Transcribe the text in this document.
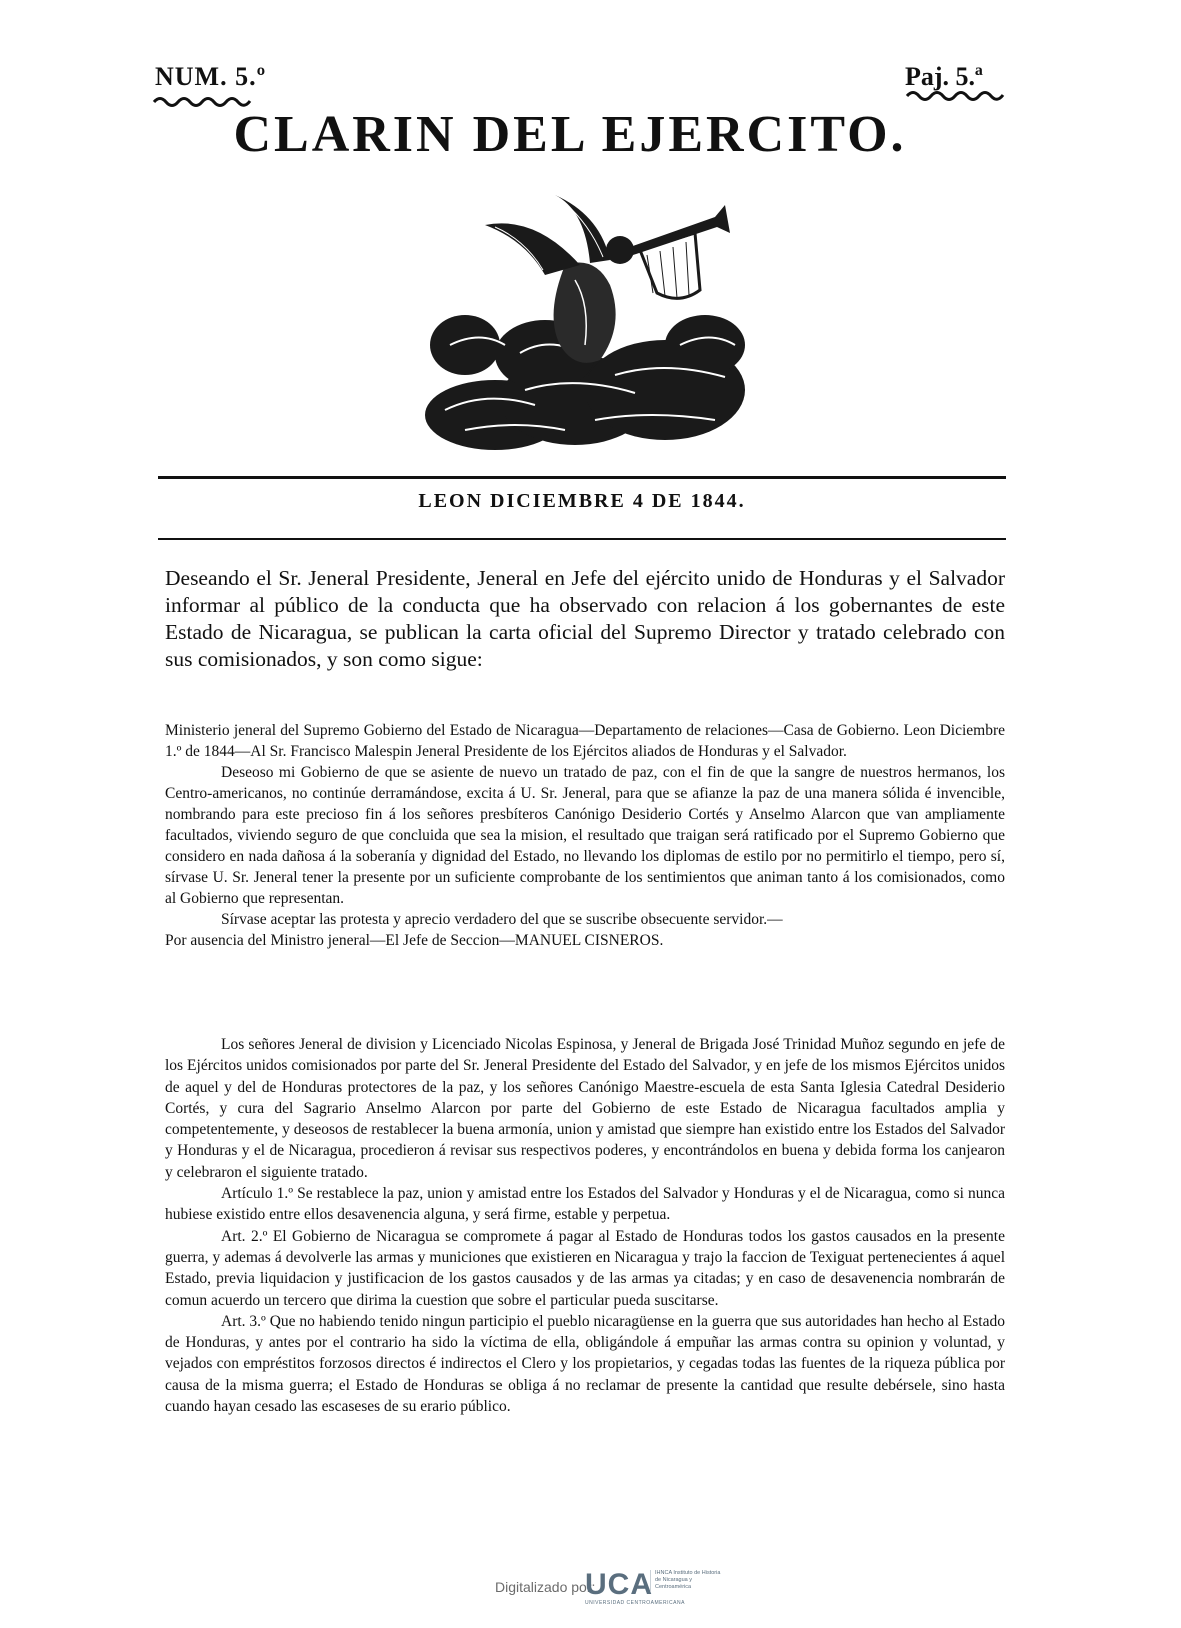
NUM. 5.º	Paj. 5.ª
CLARIN DEL EJERCITO.
LEON DICIEMBRE 4 DE 1844.
Deseando el Sr. Jeneral Presidente, Jeneral en Jefe del ejército unido de Honduras y el Salvador informar al público de la conducta que ha observado con relacion á los gobernantes de este Estado de Nicaragua, se publican la carta oficial del Supremo Director y tratado celebrado con sus comisionados, y son como sigue:

Ministerio jeneral del Supremo Gobierno del Estado de Nicaragua—Departamento de relaciones—Casa de Gobierno. Leon Diciembre 1.º de 1844—Al Sr. Francisco Malespin Jeneral Presidente de los Ejércitos aliados de Honduras y el Salvador.

Deseoso mi Gobierno de que se asiente de nuevo un tratado de paz, con el fin de que la sangre de nuestros hermanos, los Centro-americanos, no continúe derramándose, excita á U. Sr. Jeneral, para que se afianze la paz de una manera sólida é invencible, nombrando para este precioso fin á los señores presbíteros Canónigo Desiderio Cortés y Anselmo Alarcon que van ampliamente facultados, viviendo seguro de que concluida que sea la mision, el resultado que traigan será ratificado por el Supremo Gobierno que considero en nada dañosa á la soberanía y dignidad del Estado, no llevando los diplomas de estilo por no permitirlo el tiempo, pero sí, sírvase U. Sr. Jeneral tener la presente por un suficiente comprobante de los sentimientos que animan tanto á los comisionados, como al Gobierno que representan.

Sírvase aceptar las protesta y aprecio verdadero del que se suscribe obsecuente servidor.—

Por ausencia del Ministro jeneral—El Jefe de Seccion—MANUEL CISNEROS.

Los señores Jeneral de division y Licenciado Nicolas Espinosa, y Jeneral de Brigada José Trinidad Muñoz segundo en jefe de los Ejércitos unidos comisionados por parte del Sr. Jeneral Presidente del Estado del Salvador, y en jefe de los mismos Ejércitos unidos de aquel y del de Honduras protectores de la paz, y los señores Canónigo Maestre-escuela de esta Santa Iglesia Catedral Desiderio Cortés, y cura del Sagrario Anselmo Alarcon por parte del Gobierno de este Estado de Nicaragua facultados amplia y competentemente, y deseosos de restablecer la buena armonía, union y amistad que siempre han existido entre los Estados del Salvador y Honduras y el de Nicaragua, procedieron á revisar sus respectivos poderes, y encontrándolos en buena y debida forma los canjearon y celebraron el siguiente tratado.

Artículo 1.º Se restablece la paz, union y amistad entre los Estados del Salvador y Honduras y el de Nicaragua, como si nunca hubiese existido entre ellos desavenencia alguna, y será firme, estable y perpetua.

Art. 2.º El Gobierno de Nicaragua se compromete á pagar al Estado de Honduras todos los gastos causados en la presente guerra, y ademas á devolverle las armas y municiones que existieren en Nicaragua y trajo la faccion de Texiguat pertenecientes á aquel Estado, previa liquidacion y justificacion de los gastos causados y de las armas ya citadas; y en caso de desavenencia nombrarán de comun acuerdo un tercero que dirima la cuestion que sobre el particular pueda suscitarse.

Art. 3.º Que no habiendo tenido ningun participio el pueblo nicaragüense en la guerra que sus autoridades han hecho al Estado de Honduras, y antes por el contrario ha sido la víctima de ella, obligándole á empuñar las armas contra su opinion y voluntad, y vejados con empréstitos forzosos directos é indirectos el Clero y los propietarios, y cegadas todas las fuentes de la riqueza pública por causa de la misma guerra; el Estado de Honduras se obliga á no reclamar de presente la cantidad que resulte debérsele, sino hasta cuando hayan cesado las escaseses de su erario público.

Digitalizado por:
UCA
UNIVERSIDAD CENTROAMERICANA
IHNCA Instituto de Historia de Nicaragua y Centroamérica
